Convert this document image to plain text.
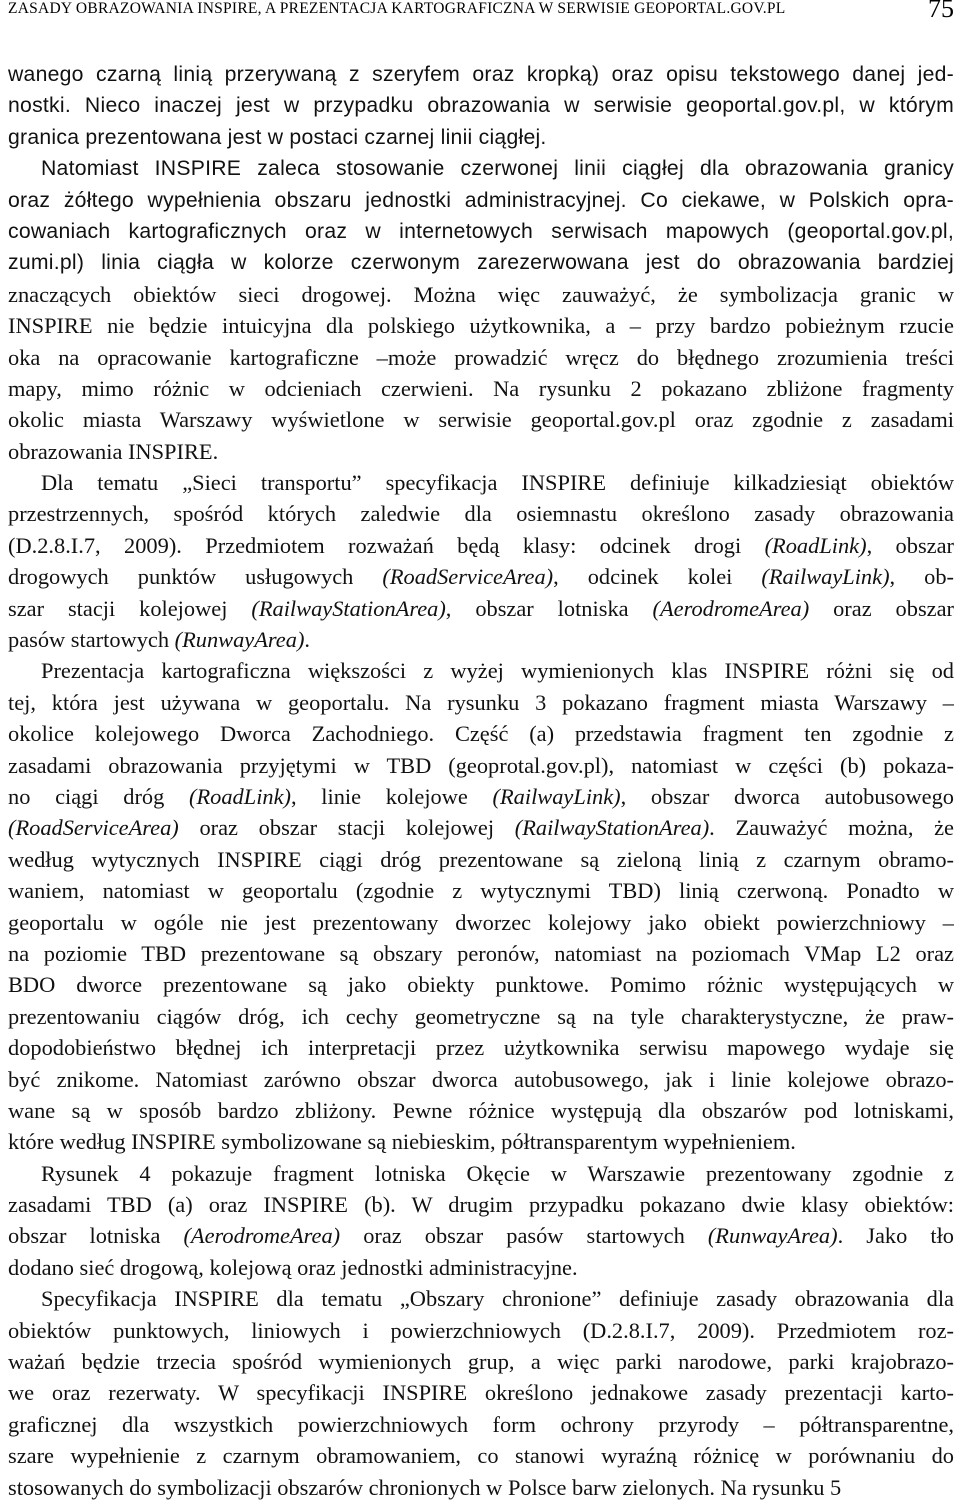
ZASADY OBRAZOWANIA INSPIRE, A PREZENTACJA KARTOGRAFICZNA W SERWISIE GEOPORTAL.GOV.PL	75
wanego czarną linią przerywaną z szeryfem oraz kropką) oraz opisu tekstowego danej jed-
nostki. Nieco inaczej jest w przypadku obrazowania w serwisie geoportal.gov.pl, w którym
granica prezentowana jest w postaci czarnej linii ciągłej.
Natomiast INSPIRE zaleca stosowanie czerwonej linii ciągłej dla obrazowania granicy
oraz żółtego wypełnienia obszaru jednostki administracyjnej. Co ciekawe, w Polskich opra-
cowaniach kartograficznych oraz w internetowych serwisach mapowych (geoportal.gov.pl,
zumi.pl) linia ciągła w kolorze czerwonym zarezerwowana jest do obrazowania bardziej
znaczących obiektów sieci drogowej. Można więc zauważyć, że symbolizacja granic w
INSPIRE nie będzie intuicyjna dla polskiego użytkownika, a – przy bardzo pobieżnym rzucie
oka na opracowanie kartograficzne –może prowadzić wręcz do błędnego zrozumienia treści
mapy, mimo różnic w odcieniach czerwieni. Na rysunku 2 pokazano zbliżone fragmenty
okolic miasta Warszawy wyświetlone w serwisie geoportal.gov.pl oraz zgodnie z zasadami
obrazowania INSPIRE.
Dla tematu „Sieci transportu” specyfikacja INSPIRE definiuje kilkadziesiąt obiektów
przestrzennych, spośród których zaledwie dla osiemnastu określono zasady obrazowania
(D.2.8.I.7, 2009). Przedmiotem rozważań będą klasy: odcinek drogi (RoadLink), obszar
drogowych punktów usługowych (RoadServiceArea), odcinek kolei (RailwayLink), ob-
szar stacji kolejowej (RailwayStationArea), obszar lotniska (AerodromeArea) oraz obszar
pasów startowych (RunwayArea).
Prezentacja kartograficzna większości z wyżej wymienionych klas INSPIRE różni się od
tej, która jest używana w geoportalu. Na rysunku 3 pokazano fragment miasta Warszawy –
okolice kolejowego Dworca Zachodniego. Część (a) przedstawia fragment ten zgodnie z
zasadami obrazowania przyjętymi w TBD (geoprotal.gov.pl), natomiast w części (b) pokaza-
no ciągi dróg (RoadLink), linie kolejowe (RailwayLink), obszar dworca autobusowego
(RoadServiceArea) oraz obszar stacji kolejowej (RailwayStationArea). Zauważyć można, że
według wytycznych INSPIRE ciągi dróg prezentowane są zieloną linią z czarnym obramo-
waniem, natomiast w geoportalu (zgodnie z wytycznymi TBD) linią czerwoną. Ponadto w
geoportalu w ogóle nie jest prezentowany dworzec kolejowy jako obiekt powierzchniowy –
na poziomie TBD prezentowane są obszary peronów, natomiast na poziomach VMap L2 oraz
BDO dworce prezentowane są jako obiekty punktowe. Pomimo różnic występujących w
prezentowaniu ciągów dróg, ich cechy geometryczne są na tyle charakterystyczne, że praw-
dopodobieństwo błędnej ich interpretacji przez użytkownika serwisu mapowego wydaje się
być znikome. Natomiast zarówno obszar dworca autobusowego, jak i linie kolejowe obrazo-
wane są w sposób bardzo zbliżony. Pewne różnice występują dla obszarów pod lotniskami,
które według INSPIRE symbolizowane są niebieskim, półtransparentym wypełnieniem.
Rysunek 4 pokazuje fragment lotniska Okęcie w Warszawie prezentowany zgodnie z
zasadami TBD (a) oraz INSPIRE (b). W drugim przypadku pokazano dwie klasy obiektów:
obszar lotniska (AerodromeArea) oraz obszar pasów startowych (RunwayArea). Jako tło
dodano sieć drogową, kolejową oraz jednostki administracyjne.
Specyfikacja INSPIRE dla tematu „Obszary chronione” definiuje zasady obrazowania dla
obiektów punktowych, liniowych i powierzchniowych (D.2.8.I.7, 2009). Przedmiotem roz-
ważań będzie trzecia spośród wymienionych grup, a więc parki narodowe, parki krajobrazo-
we oraz rezerwaty. W specyfikacji INSPIRE określono jednakowe zasady prezentacji karto-
graficznej dla wszystkich powierzchniowych form ochrony przyrody – półtransparentne,
szare wypełnienie z czarnym obramowaniem, co stanowi wyraźną różnicę w porównaniu do
stosowanych do symbolizacji obszarów chronionych w Polsce barw zielonych. Na rysunku 5
